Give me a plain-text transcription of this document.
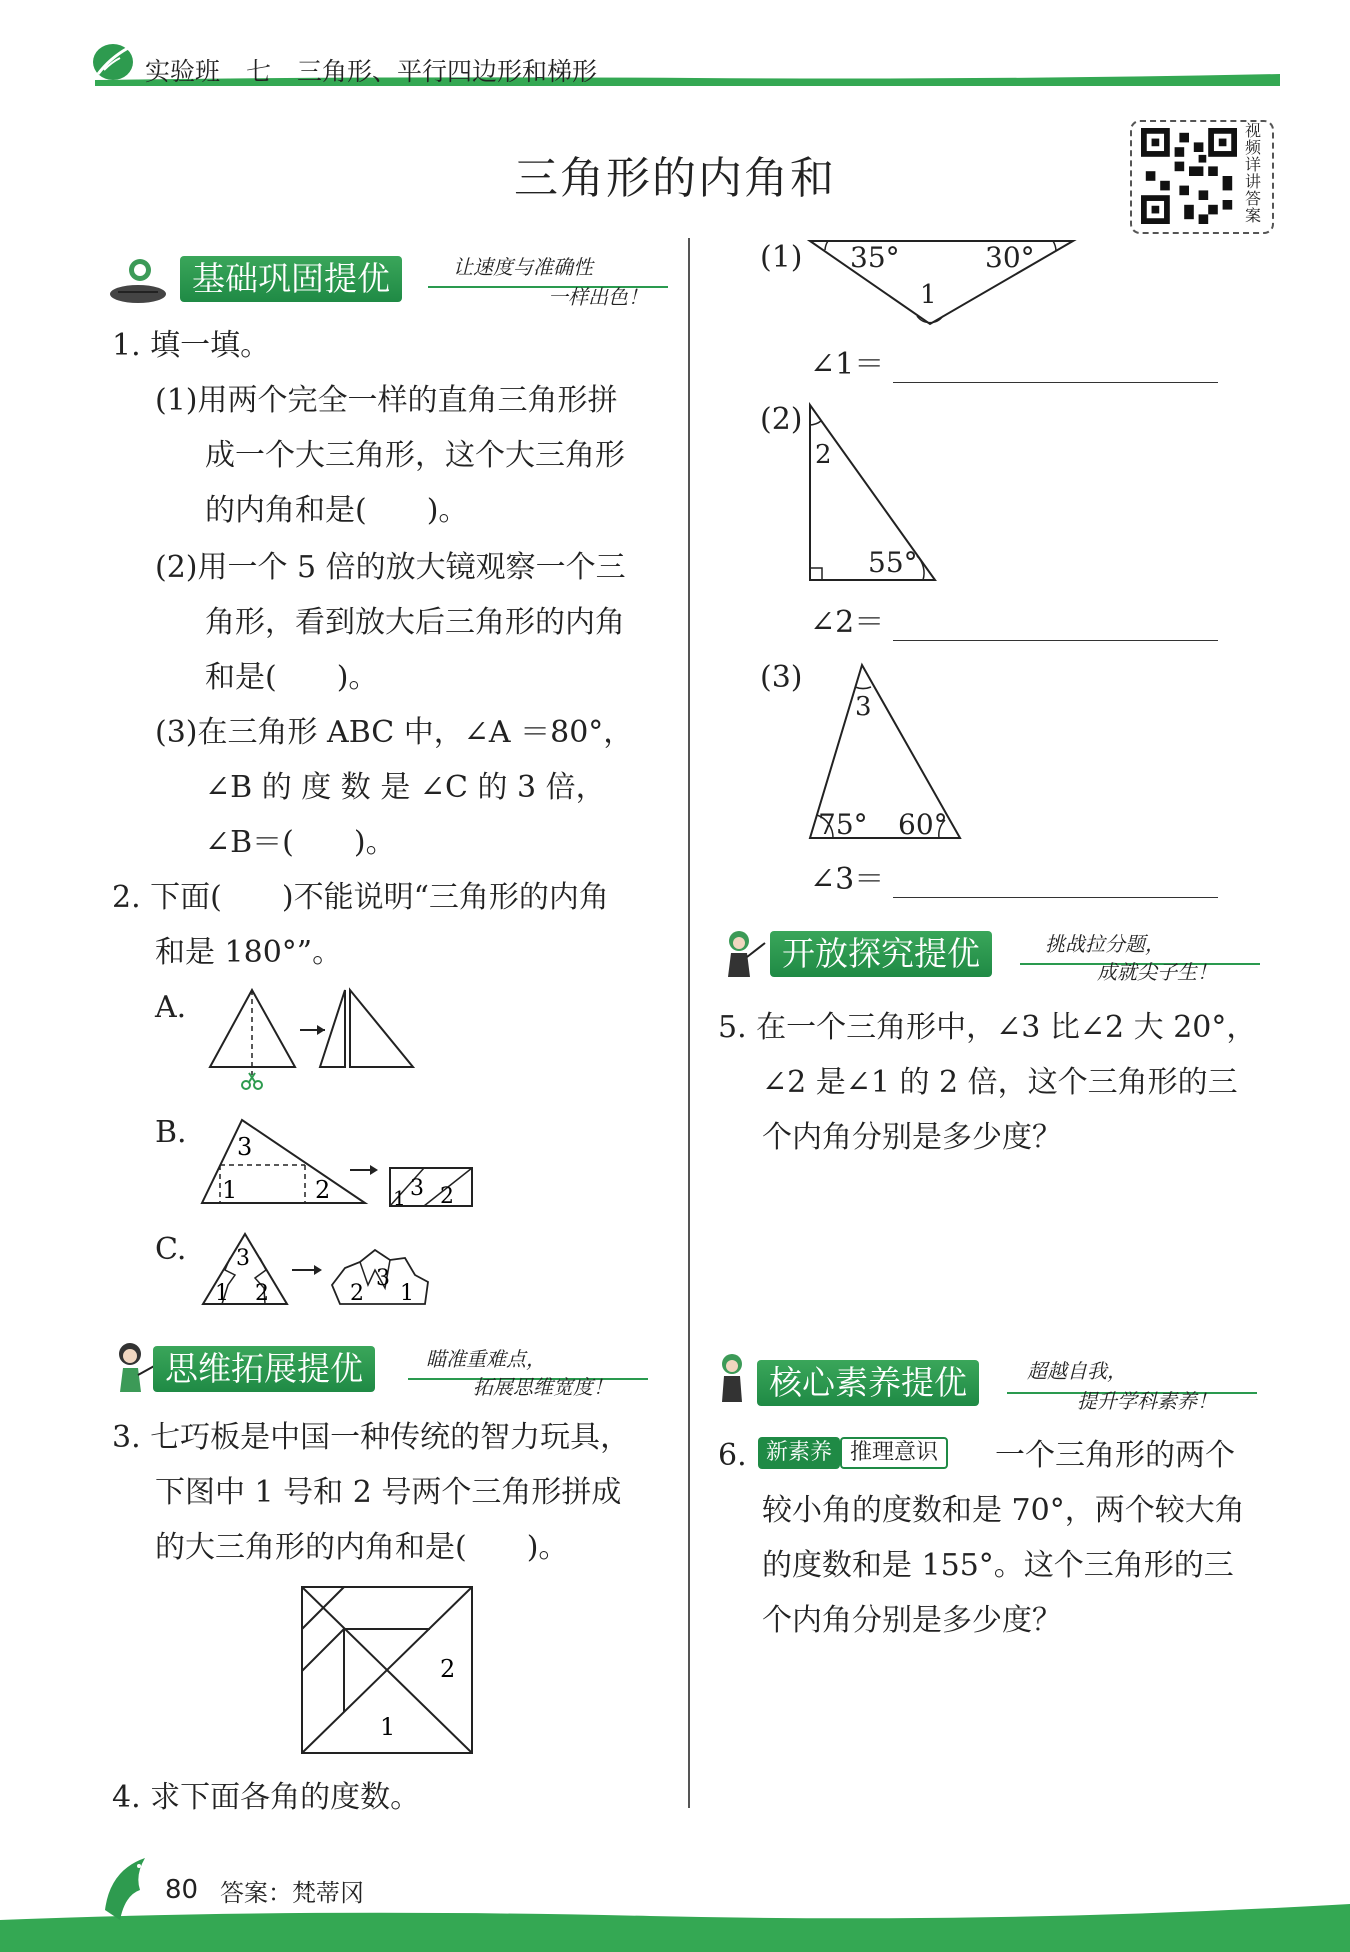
实验班 七 三角形、平行四边形和梯形
三角形的内角和
视频详讲答案
基础巩固提优	让速度与准确性
一样出色！
1. 填一填。
(1)用两个完全一样的直角三角形拼
成一个大三角形，这个大三角形
的内角和是(　　)。
(2)用一个 5 倍的放大镜观察一个三
角形，看到放大后三角形的内角
和是(　　)。
(3)在三角形 ABC 中，∠A ＝80°，
∠B 的 度 数 是 ∠C 的 3 倍，
∠B＝(　　)。
2. 下面(　　)不能说明“三角形的内角
和是 180°”。
A.
B. 3
1	2	3
1 2
C. 3
1 2	2
3
1
思维拓展提优	瞄准重难点，
拓展思维宽度！
3. 七巧板是中国一种传统的智力玩具，
下图中 1 号和 2 号两个三角形拼成
的大三角形的内角和是(　　)。
2
1
4. 求下面各角的度数。
(1) 35°	30°
1
∠1＝
(2)
2
55°
∠2＝
(3)
3
75° 60°
∠3＝
开放探究提优	挑战拉分题，
成就尖子生！
5. 在一个三角形中，∠3 比∠2 大 20°，
∠2 是∠1 的 2 倍，这个三角形的三
个内角分别是多少度？
核心素养提优	超越自我，
提升学科素养！
6. 新素养 推理意识	一个三角形的两个
较小角的度数和是 70°，两个较大角
的度数和是 155°。这个三角形的三
个内角分别是多少度？
80 答案：梵蒂冈
